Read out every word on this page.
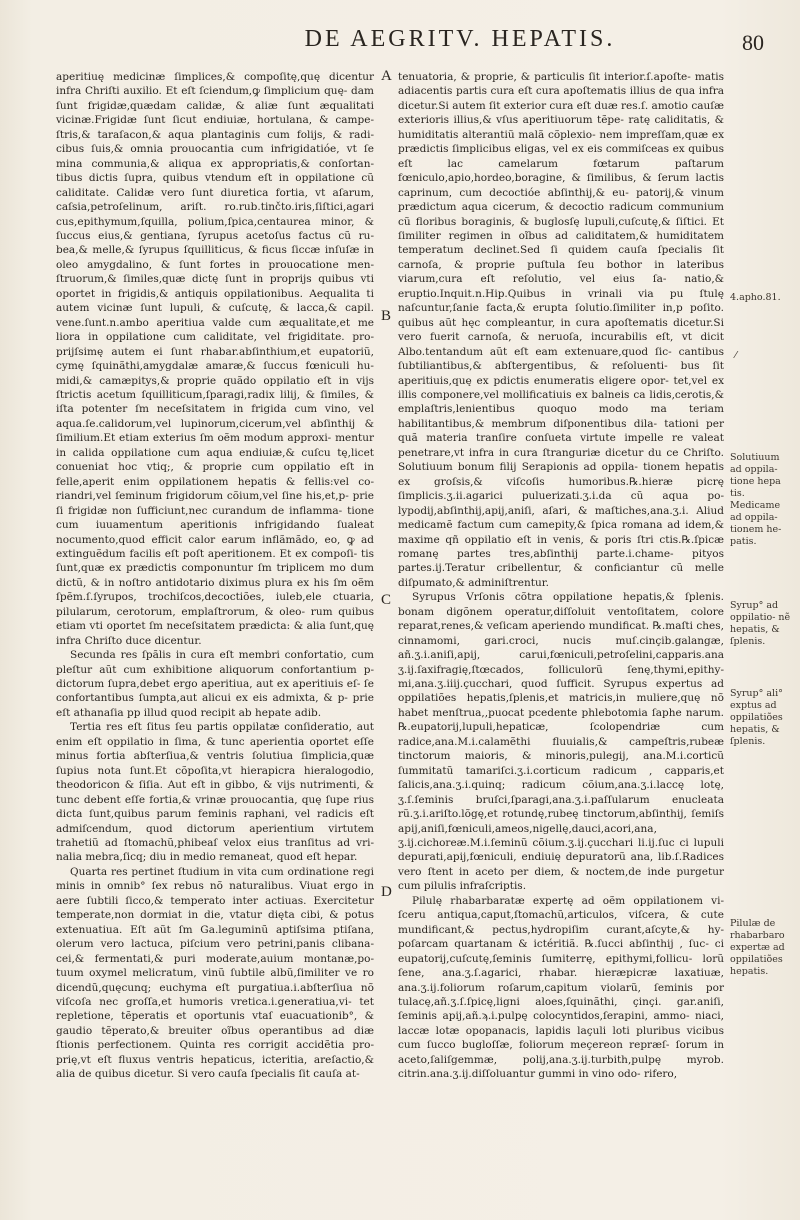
DE AEGRITV. HEPATIS.	80

aperitiuę medicinæ ſimplices,& compoſitę,quę dicentur infra Chriſti auxilio. Et eſt ſciendum,ꝙ ſimplicium quę- dam ſunt frigidæ,quædam calidæ, & aliæ ſunt æqualitati vicinæ.Frigidæ ſunt ſicut endiuiæ, hortulana, & campe- ſtris,& taraſacon,& aqua plantaginis cum folijs, & radi- cibus ſuis,& omnia prouocantia cum infrigidatióe, vt ſe mina communia,& aliqua ex appropriatis,& conſortan- tibus dictis ſupra, quibus vtendum eſt in oppilatione cũ caliditate. Calidæ vero ſunt diuretica fortia, vt aſarum, caſsia,petroſelinum, ariſt. ro.rub.tinčto.iris,ſiſtici,agari cus,epithymum,ſquilla, polium,ſpica,centaurea minor, & ſuccus eius,& gentiana, ſyrupus acetoſus factus cũ ru- bea,& melle,& ſyrupus ſquilliticus, & ficus ſiccæ inſuſæ in oleo amygdalino, & ſunt fortes in prouocatione men- ſtruorum,& ſimiles,quæ dictę ſunt in proprijs quibus vti oportet in frigidis,& antiquis oppilationibus. Aequalita ti autem vicinæ ſunt lupuli, & cuſcutę, & lacca,& capil. vene.ſunt.n.ambo aperitiua valde cum æqualitate,et me liora in oppilatione cum caliditate, vel frigiditate. pro- prijſsimę autem ei ſunt rhabar.abſinthium,et eupatoriũ, cymę ſquinãthi,amygdalæ amaræ,& ſuccus fœniculi hu- midi,& camæpitys,& proprie quãdo oppilatio eſt in vijs ſtrictis acetum ſquilliticum,ſparagi,radix lilij, & ſimiles, & iſta potenter ſm neceſsitatem in frigida cum vino, vel aqua.ſe.calidorum,vel lupinorum,cicerum,vel abſinthij & ſimilium.Et etiam exterius ſm oẽm modum approxi- mentur in calida oppilatione cum aqua endiuiæ,& cuſcu tę,licet conueniat hoc vtiq;, & proprie cum oppilatio eſt in felle,aperit enim oppilationem hepatis & fellis:vel co- riandri,vel ſeminum frigidorum cõium,vel ſine his,et,p- prie ſi frigidæ non ſufficiunt,nec curandum de inflamma- tione cum iuuamentum aperitionis infrigidando ſualeat nocumento,quod efficit calor earum inflãmãdo, eo, ꝙ ad extinguẽdum facilis eſt poſt aperitionem. Et ex compoſi- tis ſunt,quæ ex prædictis componuntur ſm triplicem mo dum dictũ, & in noſtro antidotario diximus plura ex his ſm oẽm ſpẽm.ſ.ſyrupos, trochiſcos,decoctiões, iuleb,ele ctuaria, pilularum, cerotorum, emplaſtrorum, & oleo- rum quibus etiam vti oportet ſm neceſsitatem prædicta: & alia ſunt,quę infra Chriſto duce dicentur.

Secunda res ſpãlis in cura eſt membri confortatio, cum pleſtur aũt cum exhibitione aliquorum confortantium p- dictorum ſupra,debet ergo aperitiua, aut ex aperitiuis eſ- ſe confortantibus ſumpta,aut alicui ex eis admixta, & p- prie eſt athanaſia pp illud quod recipit ab hepate adib.

Tertia res eſt ſitus ſeu partis oppilatæ conſideratio, aut enim eſt oppilatio in ſima, & tunc aperientia oportet eſſe minus fortia abſterſiua,& ventris ſolutiua ſimplicia,quæ ſupius nota ſunt.Et cõpoſita,vt hierapicra hieralogodio, theodoricon & ſiſia. Aut eſt in gibbo, & vijs nutrimenti, & tunc debent eſſe fortia,& vrinæ prouocantia, quę ſupe rius dicta ſunt,quibus parum feminis raphani, vel radicis eſt admiſcendum, quod dictorum aperientium virtutem trahetiũ ad ſtomachũ,phibeaſ velox eius tranſitus ad vri- nalia mebra,ſicq; diu in medio remaneat, quod eſt hepar.

Quarta res pertinet ſtudium in vita cum ordinatione regi minis in omnib° ſex rebus nõ naturalibus. Viuat ergo in aere ſubtili ſicco,& temperato inter actiuas. Exercitetur temperate,non dormiat in die, vtatur dięta cibi, & potus extenuatiua. Eſt aũt ſm Ga.leguminũ aptiſsima ptiſana, olerum vero lactuca, piſcium vero petrini,panis clibana- cei,& fermentati,& puri moderate,auium montanæ,po- tuum oxymel melicratum, vinũ ſubtile albũ,ſimiliter ve ro dicendũ,quęcunq; euchyma eſt purgatiua.i.abſterſiua nõ viſcoſa nec groſſa,et humoris vretica.i.generatiua,vi- tet repletione, tẽperatis et oportunis vtaſ euacuationib°, & gaudio tẽperato,& breuiter oĩbus operantibus ad diæ ſtionis perfectionem. Quinta res corrigit accidẽtia pro- prię,vt eſt fluxus ventris hepaticus, icteritia, areſactio,& alia de quibus dicetur. Si vero cauſa ſpecialis ſit cauſa at-

A
B
C
D

tenuatoria, & proprie, & particulis ſit interior.ſ.apoſte- matis adiacentis partis cura eſt cura apoſtematis illius de qua infra dicetur.Si autem ſit exterior cura eſt duæ res.ſ. amotio cauſæ exterioris illius,& vſus aperitiuorum tẽpe- ratę caliditatis, & humiditatis alterantiũ malã cõplexio- nem impreſſam,quæ ex prædictis ſimplicibus eligas, vel ex eis commiſceas ex quibus eſt lac camelarum fœtarum paſtarum fœniculo,apio,hordeo,boragine, & ſimilibus, & ſerum lactis caprinum, cum decoctióe abſinthij,& eu- patorij,& vinum prædictum aqua cicerum, & decoctio radicum communium cũ floribus boraginis, & buglosſę lupuli,cuſcutę,& ſiſtici. Et ſimiliter regimen in oĩbus ad caliditatem,& humiditatem temperatum declinet.Sed ſi quidem cauſa ſpecialis ſit carnoſa, & proprie puſtula ſeu bothor in lateribus viarum,cura eſt reſolutio, vel eius ſa- natio,& eruptio.Inquit.n.Hip.Quibus in vrinali via pu ſtulę naſcuntur,ſanie facta,& erupta ſolutio.ſimiliter in,p poſito. quibus aũt hęc compleantur, in cura apoſtematis dicetur.Si vero fuerit carnoſa, & neruoſa, incurabilis eſt, vt dicit Albo.tentandum aũt eſt eam extenuare,quod ſic- cantibus ſubtiliantibus,& abſtergentibus, & reſoluenti- bus ſit aperitiuis,quę ex pdictis enumeratis eligere opor- tet,vel ex illis componere,vel mollificatiuis ex balneis ca lidis,cerotis,& emplaſtris,lenientibus quoquo modo ma teriam habilitantibus,& membrum diſponentibus dila- tationi per quã materia tranſire conſueta virtute impelle re valeat penetrare,vt infra in cura ſtranguriæ dicetur du ce Chriſto. Solutiuum bonum filij Serapionis ad oppila- tionem hepatis ex groſsis,& viſcoſis humoribus.℞.hieræ picrę ſimplicis.ʒ.ii.agarici puluerizati.ʒ.i.da cũ aqua po- lypodij,abſinthij,apij,aniſi, aſari, & maſtiches,ana.ʒ.i. Aliud medicamẽ factum cum camepity,& ſpica romana ad idem,& maxime qñ oppilatio eſt in venis, & poris ſtri ctis.℞.ſpicæ romanę partes tres,abſinthij parte.i.chame- pityos partes.ij.Teratur cribellentur, & conficiantur cũ melle diſpumato,& adminiſtrentur.

Syrupus Vrſonis cõtra oppilatione hepatis,& ſplenis. bonam digõnem operatur,diſſoluit ventoſitatem, colore reparat,renes,& veſicam aperiendo mundificat. ℞.maſti ches, cinnamomi, gari.croci, nucis muſ.cinçib.galangæ, añ.ʒ.i.aniſi,apij, carui,fœniculi,petroſelini,capparis.ana ʒ.ij.ſaxifragię,ſtœcados, folliculorũ ſenę,thymi,epithy- mi,ana.ʒ.iiij.çucchari, quod ſufficit. Syrupus expertus ad oppilatiões hepatis,ſplenis,et matricis,in muliere,quę nõ habet menſtrua,,puocat pcedente phlebotomia ſaphe narum. ℞.eupatorij,lupuli,hepaticæ, ſcolopendriæ cum radice,ana.M.i.calamẽthi fluuialis,& campeſtris,rubeæ tinctorum maioris, & minoris,pulegij, ana.M.i.corticũ ſummitatũ tamariſci.ʒ.i.corticum radicum , capparis,et ſalicis,ana.ʒ.i.quinq; radicum cõium,ana.ʒ.i.laccę lotę, ʒ.ſ.ſeminis bruſci,ſparagi,ana.ʒ.i.paſſularum enucleata rũ.ʒ.i.ariſto.lõgę,et rotundę,rubeę tinctorum,abſinthij, ſemiſs apij,aniſi,fœniculi,ameos,nigellę,dauci,acori,ana, ʒ.ij.cichoreæ.M.i.ſeminũ cõium.ʒ.ij.çucchari li.ij.ſuc ci lupuli depurati,apij,fœniculi, endiuię depuratorũ ana, lib.ſ.Radices vero ſtent in aceto per diem, & noctem,de inde purgetur cum pilulis infraſcriptis.

Pilulę rhabarbaratæ expertę ad oẽm oppilationem vi- ſceru antiqua,caput,ſtomachũ,articulos, viſcera, & cute mundificant,& pectus,hydropiſim curant,aſcyte,& hy- poſarcam quartanam & ictéritiã. ℞.ſucci abſinthij , ſuc- ci eupatorij,cuſcutę,ſeminis ſumiterrę, epithymi,follicu- lorũ ſene, ana.ʒ.ſ.agarici, rhabar. hieræpicræ laxatiuæ, ana.ʒ.ij.foliorum roſarum,capitum violarũ, ſeminis por tulacę,añ.ʒ.ſ.ſpicę,ligni aloes,ſquinãthi, çinçi. gar.aniſi, ſeminis apij,añ.ϡ.i.pulpę colocyntidos,ſerapini, ammo- niaci, laccæ lotæ opopanacis, lapidis laçuli loti pluribus vicibus cum ſucco bugloſſæ, foliorum meçereon repræſ- ſorum in aceto,ſaliſgemmæ, polij,ana.ʒ.ij.turbith,pulpę myrob. citrin.ana.ʒ.ij.diſſoluantur gummi in vino odo- rifero,

4.apho.81.
⁄
Solutiuum ad oppila- tione hepa tis. Medicame ad oppila- tionem he- patis.
Syrup° ad oppilatio- nẽ hepatis, & ſplenis.
Syrup° ali° exptus ad oppilatiões hepatis, & ſplenis.
Pilulæ de rhabarbaro expertæ ad oppilatiões hepatis.
